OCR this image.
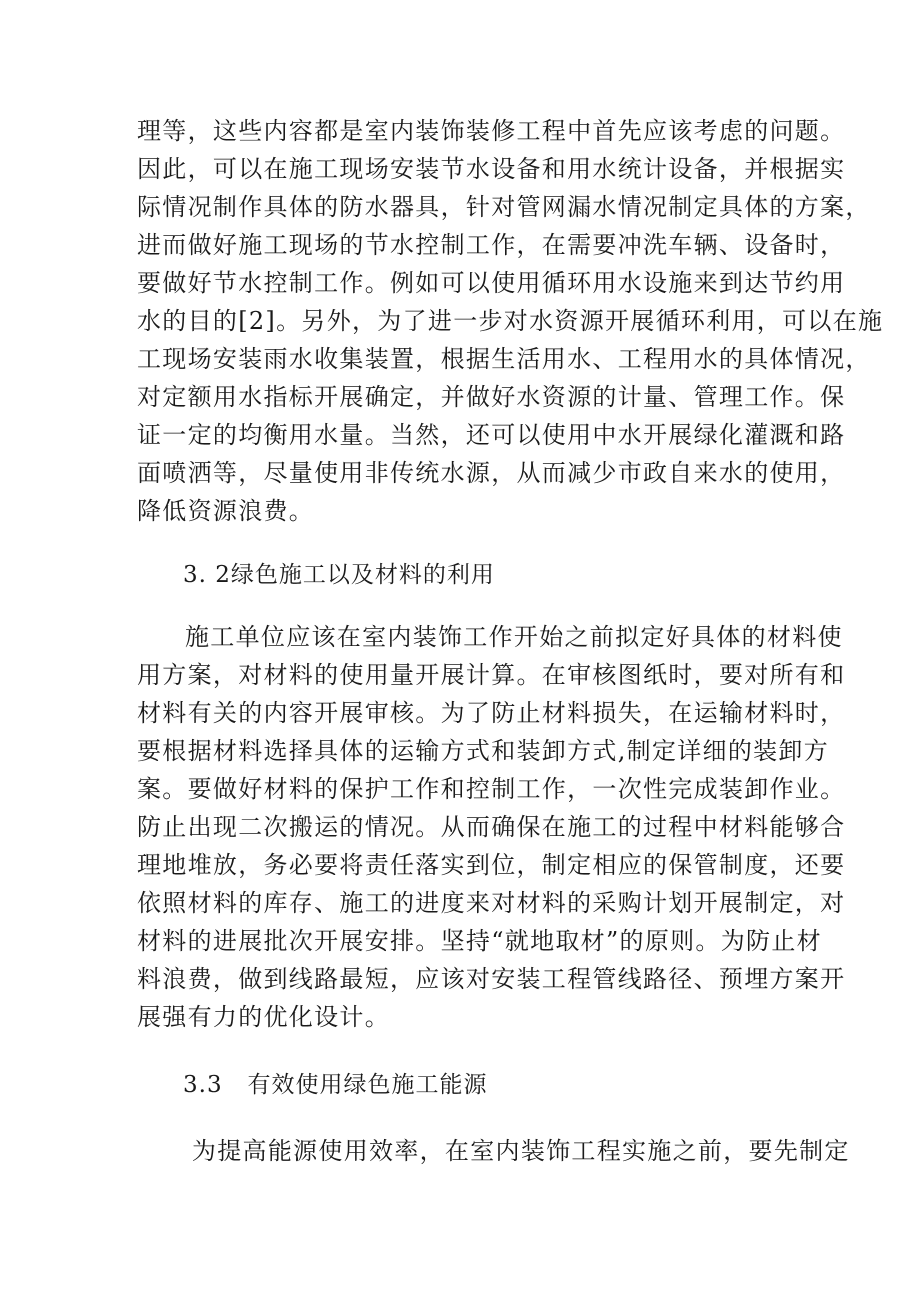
理等，这些内容都是室内装饰装修工程中首先应该考虑的问题。

因此，可以在施工现场安装节水设备和用水统计设备，并根据实

际情况制作具体的防水器具，针对管网漏水情况制定具体的方案，

进而做好施工现场的节水控制工作，在需要冲洗车辆、设备时，

要做好节水控制工作。例如可以使用循环用水设施来到达节约用

水的目的[2]。另外，为了进一步对水资源开展循环利用，可以在施

工现场安装雨水收集装置，根据生活用水、工程用水的具体情况，

对定额用水指标开展确定，并做好水资源的计量、管理工作。保

证一定的均衡用水量。当然，还可以使用中水开展绿化灌溉和路

面喷洒等，尽量使用非传统水源，从而减少市政自来水的使用，

降低资源浪费。

3. 2绿色施工以及材料的利用

施工单位应该在室内装饰工作开始之前拟定好具体的材料使

用方案，对材料的使用量开展计算。在审核图纸时，要对所有和

材料有关的内容开展审核。为了防止材料损失，在运输材料时，

要根据材料选择具体的运输方式和装卸方式,制定详细的装卸方

案。要做好材料的保护工作和控制工作，一次性完成装卸作业。

防止出现二次搬运的情况。从而确保在施工的过程中材料能够合

理地堆放，务必要将责任落实到位，制定相应的保管制度，还要

依照材料的库存、施工的进度来对材料的采购计划开展制定，对

材料的进展批次开展安排。坚持“就地取材”的原则。为防止材

料浪费，做到线路最短，应该对安装工程管线路径、预埋方案开

展强有力的优化设计。

3.3   有效使用绿色施工能源

为提高能源使用效率，在室内装饰工程实施之前，要先制定
